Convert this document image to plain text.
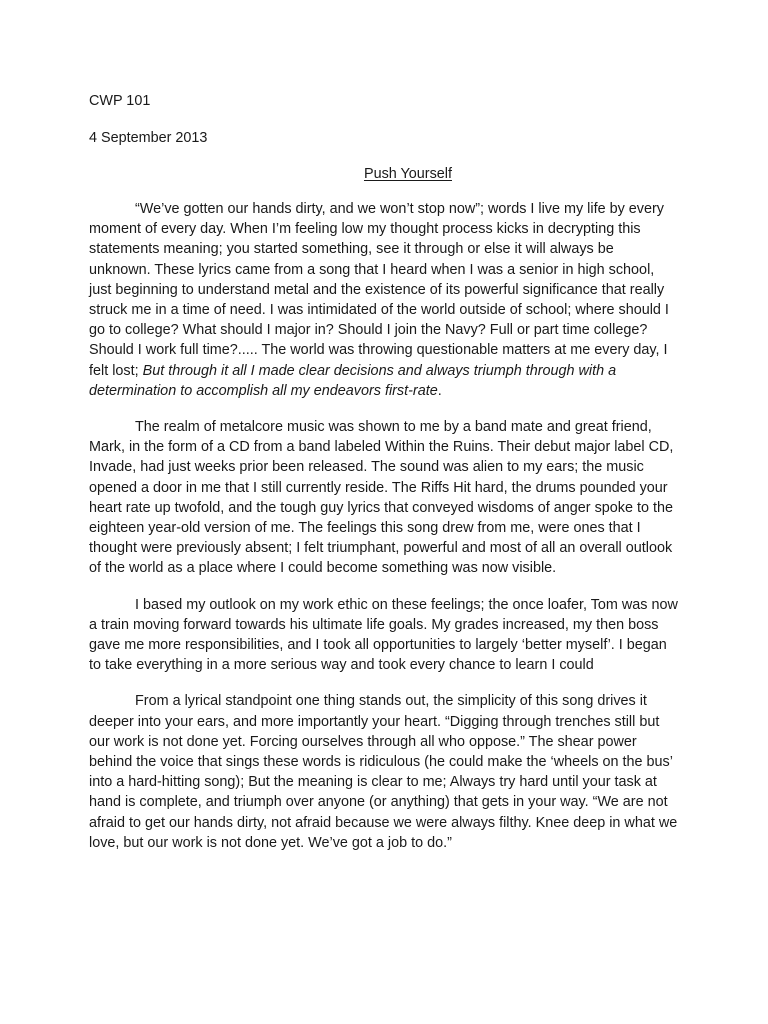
CWP 101

4 September 2013

Push Yourself

“We’ve gotten our hands dirty, and we won’t stop now”; words I live my life by every moment of every day. When I’m feeling low my thought process kicks in decrypting this statements meaning; you started something, see it through or else it will always be unknown. These lyrics came from a song that I heard when I was a senior in high school, just beginning to understand metal and the existence of its powerful significance that really struck me in a time of need. I was intimidated of the world outside of school; where should I go to college? What should I major in? Should I join the Navy? Full or part time college? Should I work full time?..... The world was throwing questionable matters at me every day, I felt lost; But through it all I made clear decisions and always triumph through with a determination to accomplish all my endeavors first-rate.

The realm of metalcore music was shown to me by a band mate and great friend, Mark, in the form of a CD from a band labeled Within the Ruins. Their debut major label CD, Invade, had just weeks prior been released. The sound was alien to my ears; the music opened a door in me that I still currently reside. The Riffs Hit hard, the drums pounded your heart rate up twofold, and the tough guy lyrics that conveyed wisdoms of anger spoke to the eighteen year-old version of me. The feelings this song drew from me, were ones that I thought were previously absent; I felt triumphant, powerful and most of all an overall outlook of the world as a place where I could become something was now visible.

I based my outlook on my work ethic on these feelings; the once loafer, Tom was now a train moving forward towards his ultimate life goals. My grades increased, my then boss gave me more responsibilities, and I took all opportunities to largely ‘better myself’. I began to take everything in a more serious way and took every chance to learn I could

From a lyrical standpoint one thing stands out, the simplicity of this song drives it deeper into your ears, and more importantly your heart. “Digging through trenches still but our work is not done yet. Forcing ourselves through all who oppose.” The shear power behind the voice that sings these words is ridiculous (he could make the ‘wheels on the bus’ into a hard-hitting song); But the meaning is clear to me; Always try hard until your task at hand is complete, and triumph over anyone (or anything) that gets in your way. “We are not afraid to get our hands dirty, not afraid because we were always filthy. Knee deep in what we love, but our work is not done yet. We’ve got a job to do.”
